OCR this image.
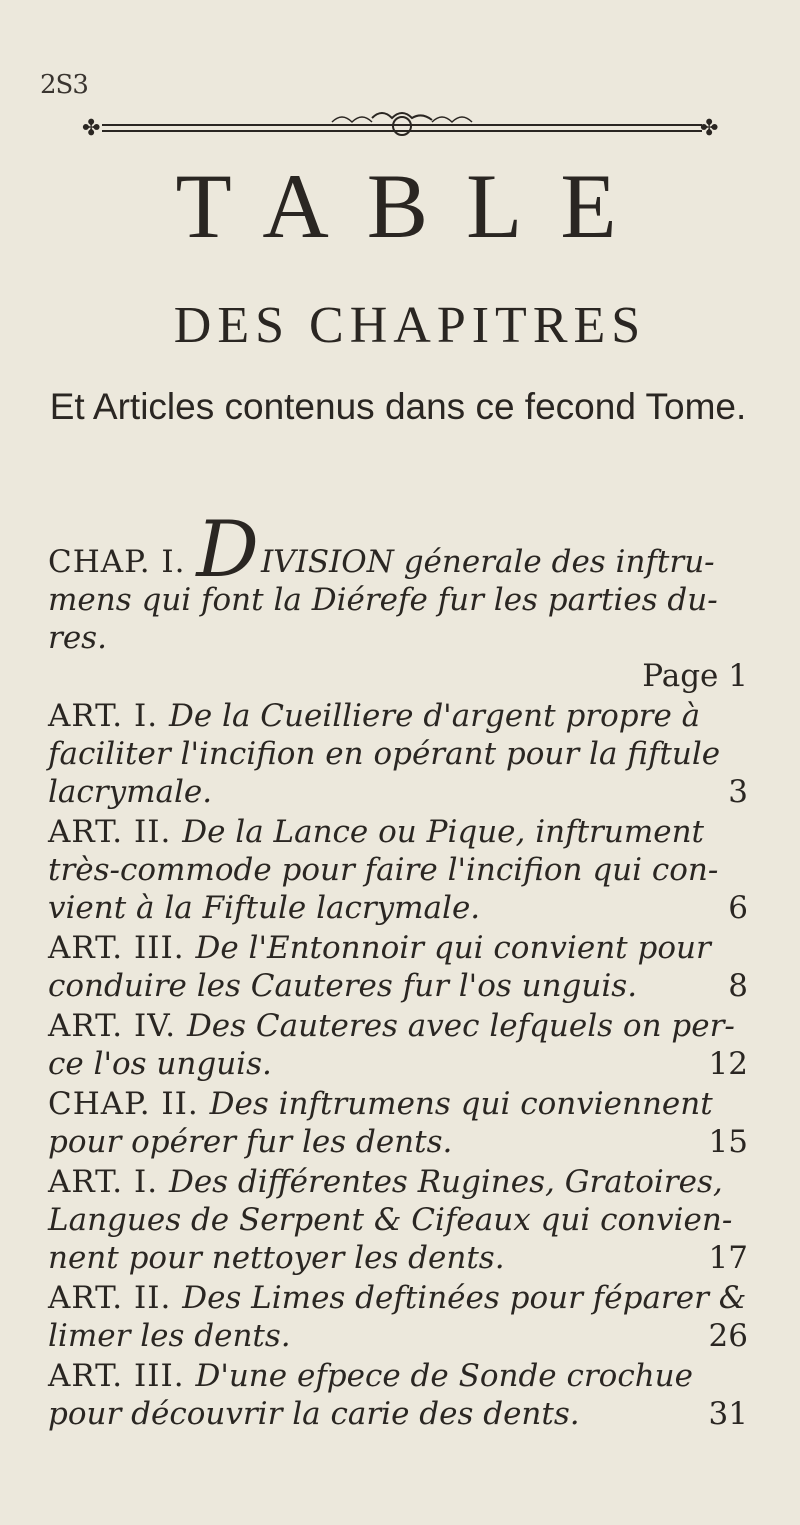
2S3
✤	✤
TABLE
DES CHAPITRES
Et Articles contenus dans ce fecond Tome.
CHAP. I. DIVISION génerale des inftru- mens qui font la Diérefe fur les parties du- res.
Page 1
ART. I. De la Cueilliere d'argent propre à faciliter l'incifion en opérant pour la fiftule lacrymale.	3
ART. II. De la Lance ou Pique, inftrument très-commode pour faire l'incifion qui con- vient à la Fiftule lacrymale.	6
ART. III. De l'Entonnoir qui convient pour conduire les Cauteres fur l'os unguis.	8
ART. IV. Des Cauteres avec lefquels on per- ce l'os unguis.	12
CHAP. II. Des inftrumens qui conviennent pour opérer fur les dents.	15
ART. I. Des différentes Rugines, Gratoires, Langues de Serpent & Cifeaux qui convien- nent pour nettoyer les dents.	17
ART. II. Des Limes deftinées pour féparer & limer les dents.	26
ART. III. D'une efpece de Sonde crochue pour découvrir la carie des dents.	31
